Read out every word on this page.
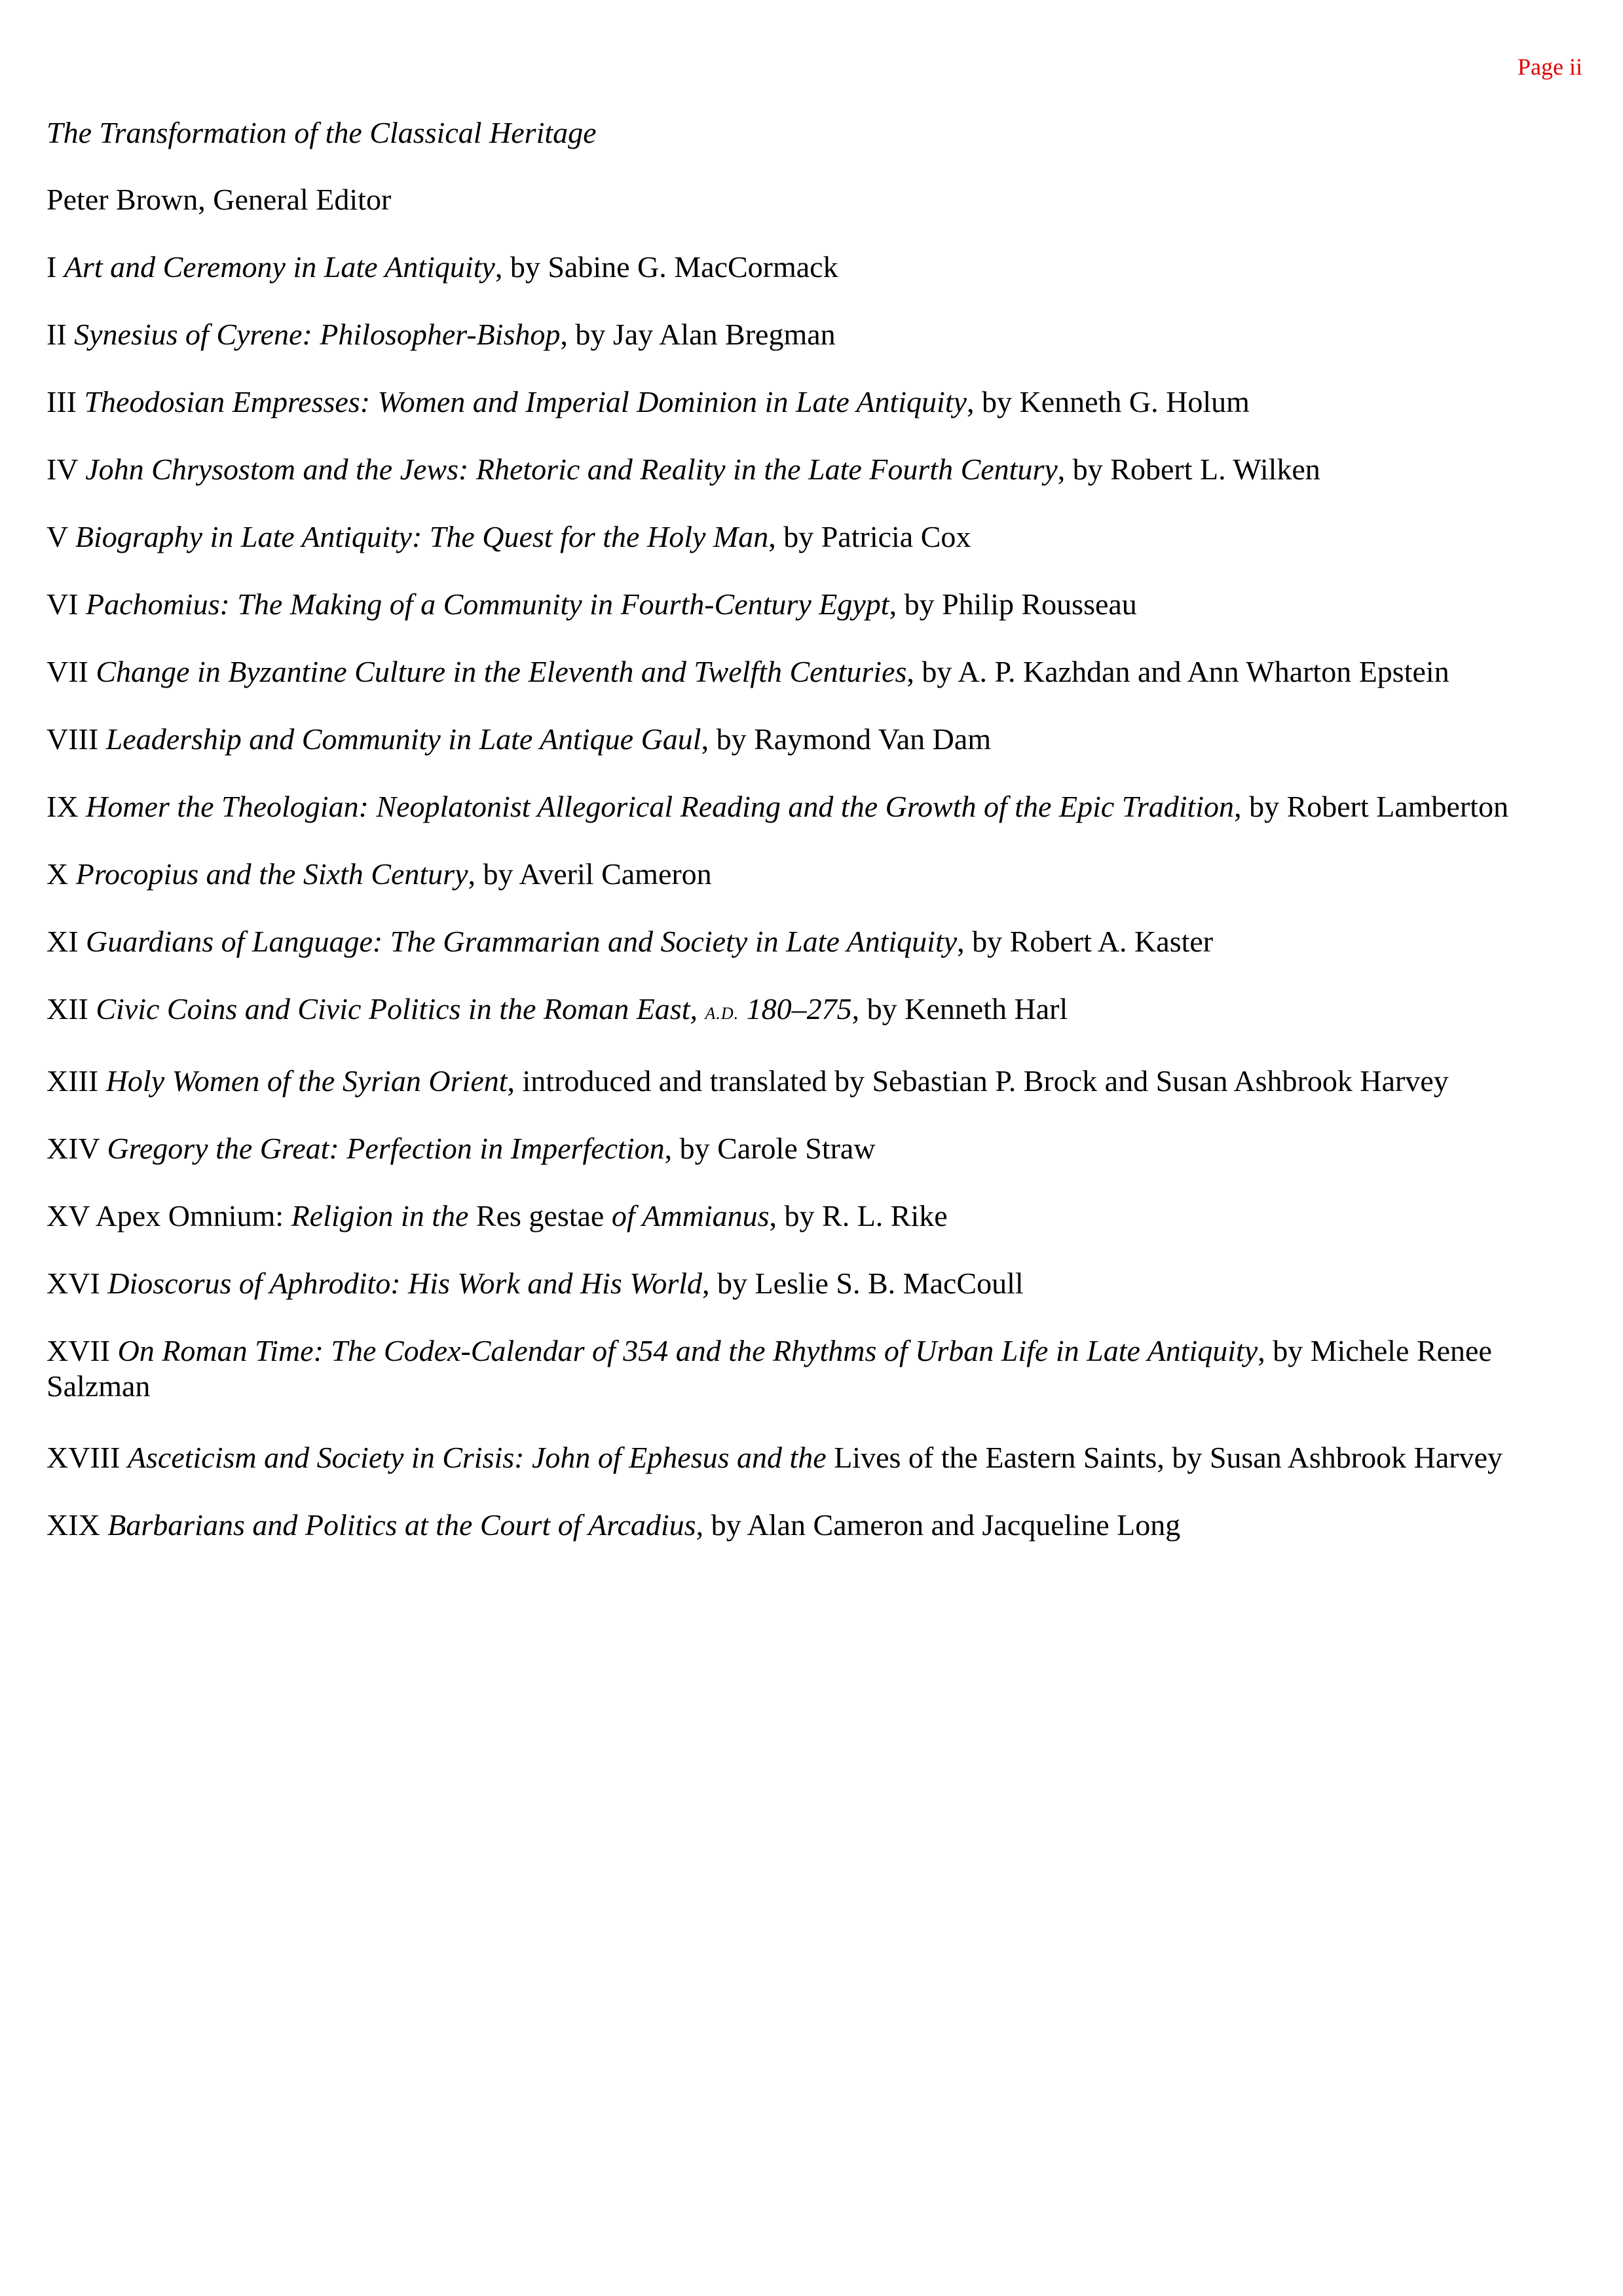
Page ii
The Transformation of the Classical Heritage
Peter Brown, General Editor
I Art and Ceremony in Late Antiquity, by Sabine G. MacCormack
II Synesius of Cyrene: Philosopher-Bishop, by Jay Alan Bregman
III Theodosian Empresses: Women and Imperial Dominion in Late Antiquity, by Kenneth G. Holum
IV John Chrysostom and the Jews: Rhetoric and Reality in the Late Fourth Century, by Robert L. Wilken
V Biography in Late Antiquity: The Quest for the Holy Man, by Patricia Cox
VI Pachomius: The Making of a Community in Fourth-Century Egypt, by Philip Rousseau
VII Change in Byzantine Culture in the Eleventh and Twelfth Centuries, by A. P. Kazhdan and Ann Wharton Epstein
VIII Leadership and Community in Late Antique Gaul, by Raymond Van Dam
IX Homer the Theologian: Neoplatonist Allegorical Reading and the Growth of the Epic Tradition, by Robert Lamberton
X Procopius and the Sixth Century, by Averil Cameron
XI Guardians of Language: The Grammarian and Society in Late Antiquity, by Robert A. Kaster
XII Civic Coins and Civic Politics in the Roman East, A.D. 180–275, by Kenneth Harl
XIII Holy Women of the Syrian Orient, introduced and translated by Sebastian P. Brock and Susan Ashbrook Harvey
XIV Gregory the Great: Perfection in Imperfection, by Carole Straw
XV Apex Omnium: Religion in the Res gestae of Ammianus, by R. L. Rike
XVI Dioscorus of Aphrodito: His Work and His World, by Leslie S. B. MacCoull
XVII On Roman Time: The Codex-Calendar of 354 and the Rhythms of Urban Life in Late Antiquity, by Michele Renee Salzman
XVIII Asceticism and Society in Crisis: John of Ephesus and the Lives of the Eastern Saints, by Susan Ashbrook Harvey
XIX Barbarians and Politics at the Court of Arcadius, by Alan Cameron and Jacqueline Long
